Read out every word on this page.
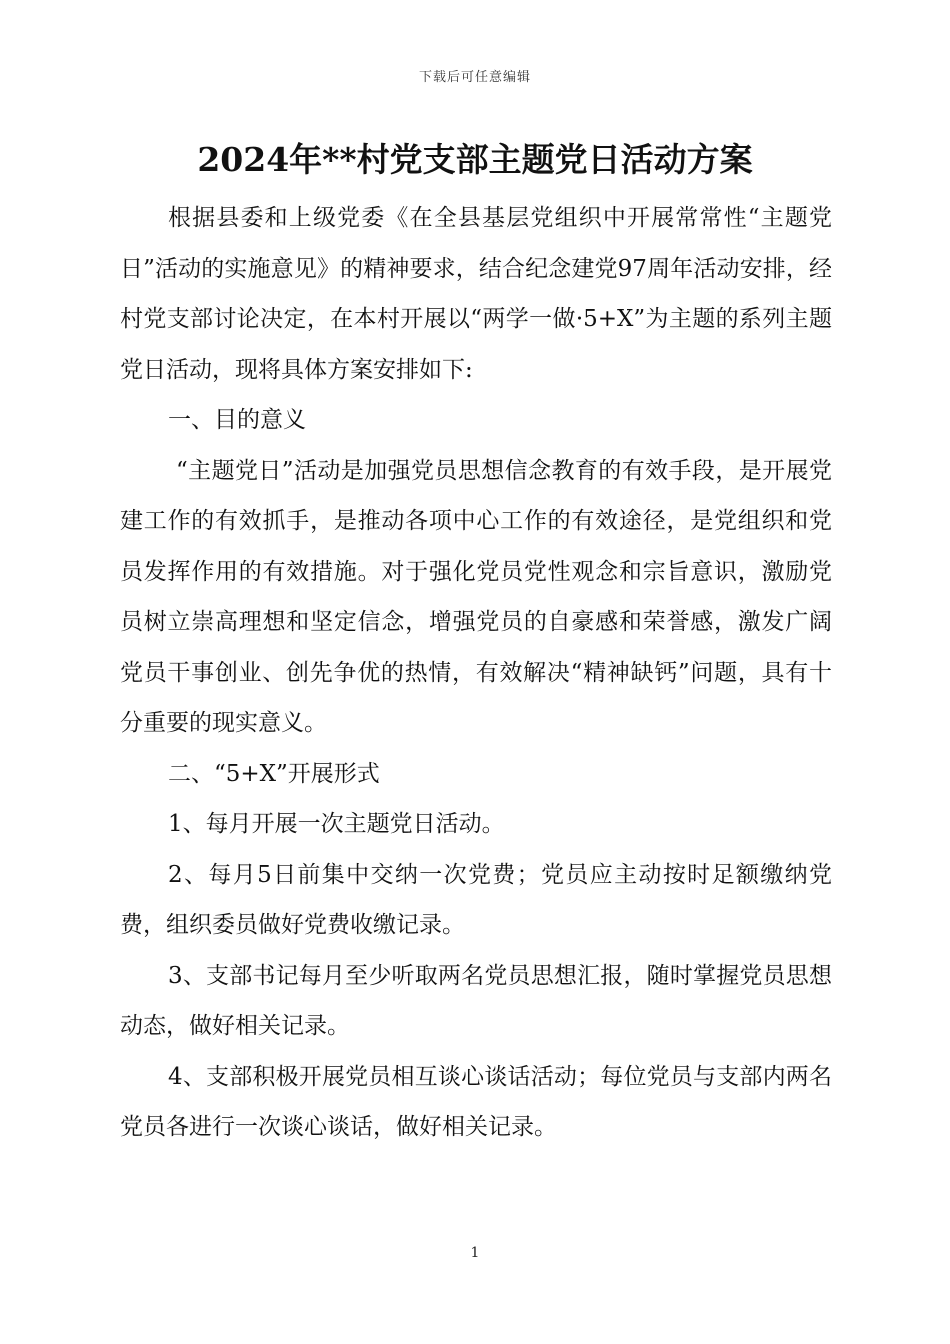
下载后可任意编辑
2024年**村党支部主题党日活动方案

根据县委和上级党委《在全县基层党组织中开展常常性“主题党日”活动的实施意见》的精神要求，结合纪念建党97周年活动安排，经村党支部讨论决定，在本村开展以“两学一做·5+X”为主题的系列主题党日活动，现将具体方案安排如下:

一、目的意义

“主题党日”活动是加强党员思想信念教育的有效手段，是开展党建工作的有效抓手，是推动各项中心工作的有效途径，是党组织和党员发挥作用的有效措施。对于强化党员党性观念和宗旨意识，激励党员树立崇高理想和坚定信念，增强党员的自豪感和荣誉感，激发广阔党员干事创业、创先争优的热情，有效解决“精神缺钙”问题，具有十分重要的现实意义。

二、“5+X”开展形式

1、每月开展一次主题党日活动。

2、每月5日前集中交纳一次党费；党员应主动按时足额缴纳党费，组织委员做好党费收缴记录。

3、支部书记每月至少听取两名党员思想汇报，随时掌握党员思想动态，做好相关记录。

4、支部积极开展党员相互谈心谈话活动；每位党员与支部内两名党员各进行一次谈心谈话，做好相关记录。

1
